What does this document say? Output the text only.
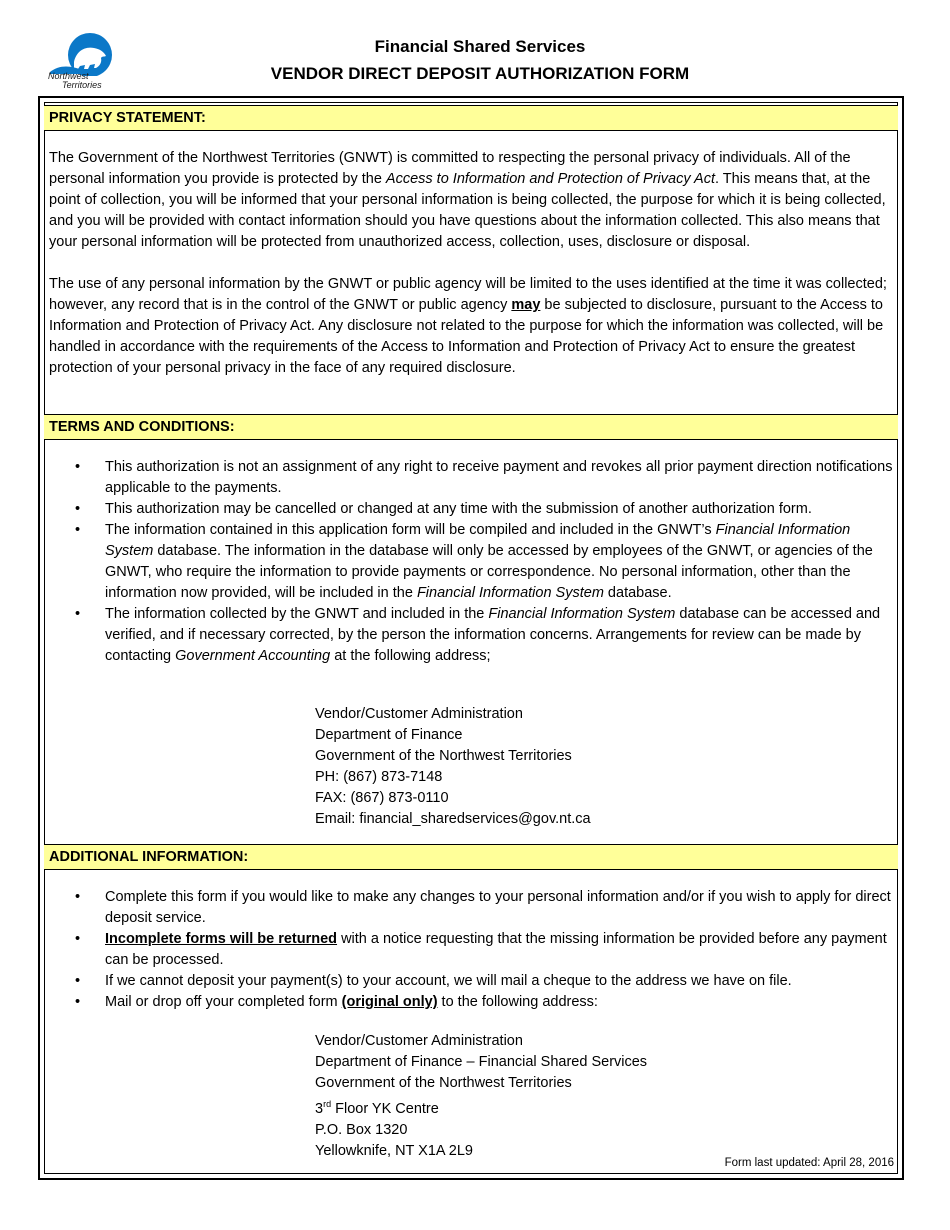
Northwest
Territories
Financial Shared Services
VENDOR DIRECT DEPOSIT AUTHORIZATION FORM
PRIVACY STATEMENT:

The Government of the Northwest Territories (GNWT) is committed to respecting the personal privacy of individuals. All of the personal information you provide is protected by the Access to Information and Protection of Privacy Act. This means that, at the point of collection, you will be informed that your personal information is being collected, the purpose for which it is being collected, and you will be provided with contact information should you have questions about the information collected. This also means that your personal information will be protected from unauthorized access, collection, uses, disclosure or disposal.

The use of any personal information by the GNWT or public agency will be limited to the uses identified at the time it was collected; however, any record that is in the control of the GNWT or public agency may be subjected to disclosure, pursuant to the Access to Information and Protection of Privacy Act. Any disclosure not related to the purpose for which the information was collected, will be handled in accordance with the requirements of the Access to Information and Protection of Privacy Act to ensure the greatest protection of your personal privacy in the face of any required disclosure.

TERMS AND CONDITIONS:
• This authorization is not an assignment of any right to receive payment and revokes all prior payment direction notifications applicable to the payments.
• This authorization may be cancelled or changed at any time with the submission of another authorization form.
• The information contained in this application form will be compiled and included in the GNWT’s Financial Information System database. The information in the database will only be accessed by employees of the GNWT, or agencies of the GNWT, who require the information to provide payments or correspondence. No personal information, other than the information now provided, will be included in the Financial Information System database.
• The information collected by the GNWT and included in the Financial Information System database can be accessed and verified, and if necessary corrected, by the person the information concerns. Arrangements for review can be made by contacting Government Accounting at the following address;
Vendor/Customer Administration
Department of Finance
Government of the Northwest Territories
PH: (867) 873-7148
FAX: (867) 873-0110
Email: financial_sharedservices@gov.nt.ca
ADDITIONAL INFORMATION:
• Complete this form if you would like to make any changes to your personal information and/or if you wish to apply for direct deposit service.
• Incomplete forms will be returned with a notice requesting that the missing information be provided before any payment can be processed.
• If we cannot deposit your payment(s) to your account, we will mail a cheque to the address we have on file.
• Mail or drop off your completed form (original only) to the following address:
Vendor/Customer Administration
Department of Finance – Financial Shared Services
Government of the Northwest Territories
3rd Floor YK Centre
P.O. Box 1320
Yellowknife, NT X1A 2L9
Form last updated: April 28, 2016
